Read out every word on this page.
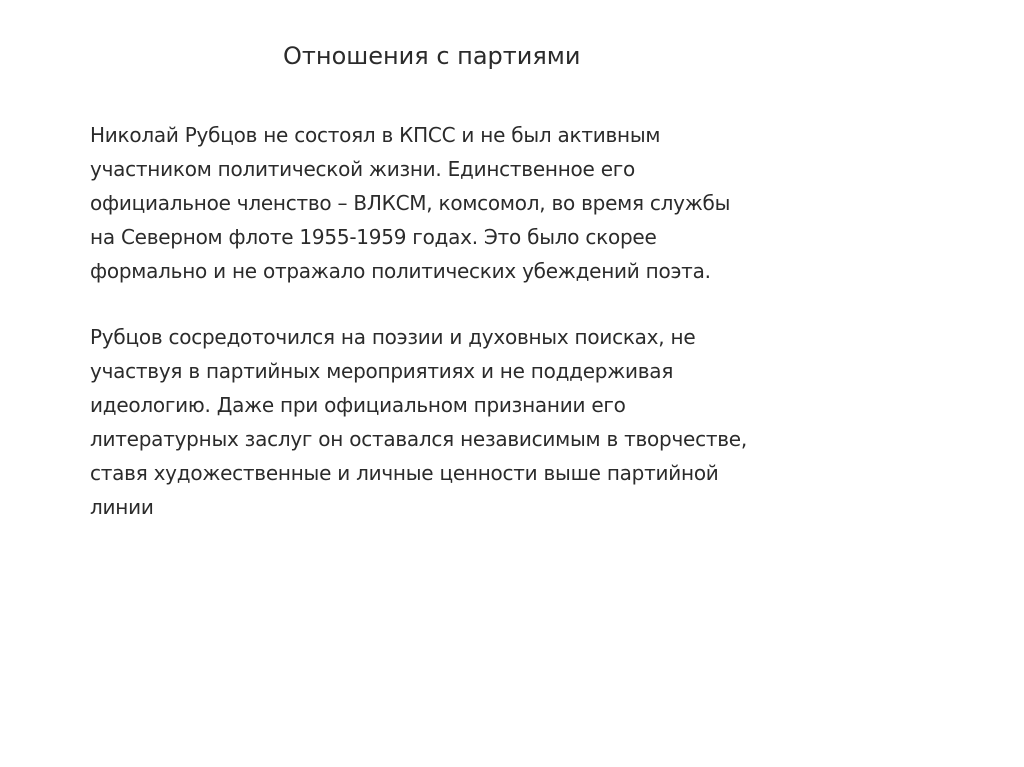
Отношения с партиями

Николай Рубцов не состоял в КПСС и не был активным
участником политической жизни. Единственное его
официальное членство – ВЛКСМ, комсомол, во время службы
на Северном флоте 1955-1959 годах. Это было скорее
формально и не отражало политических убеждений поэта.

Рубцов сосредоточился на поэзии и духовных поисках, не
участвуя в партийных мероприятиях и не поддерживая
идеологию. Даже при официальном признании его
литературных заслуг он оставался независимым в творчестве,
ставя художественные и личные ценности выше партийной
линии
